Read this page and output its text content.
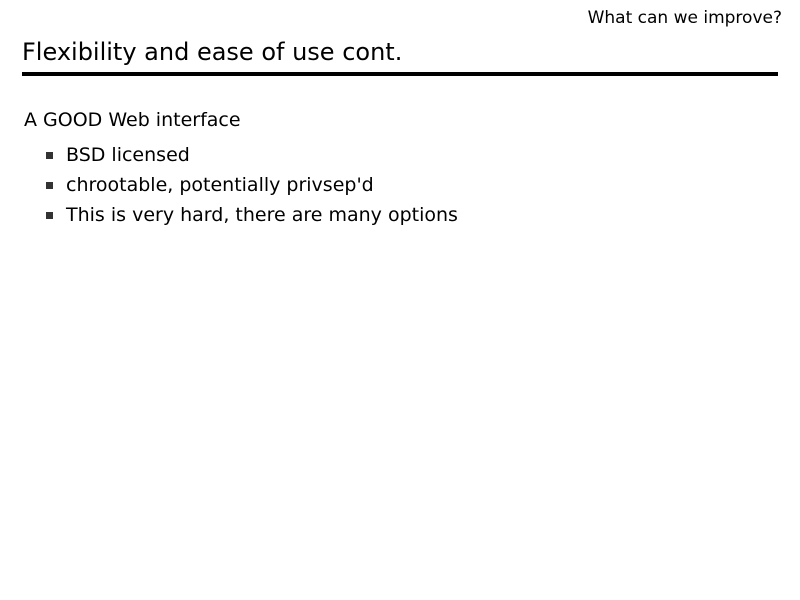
What can we improve?
Flexibility and ease of use cont.

A GOOD Web interface

BSD licensed
chrootable, potentially privsep'd
This is very hard, there are many options
